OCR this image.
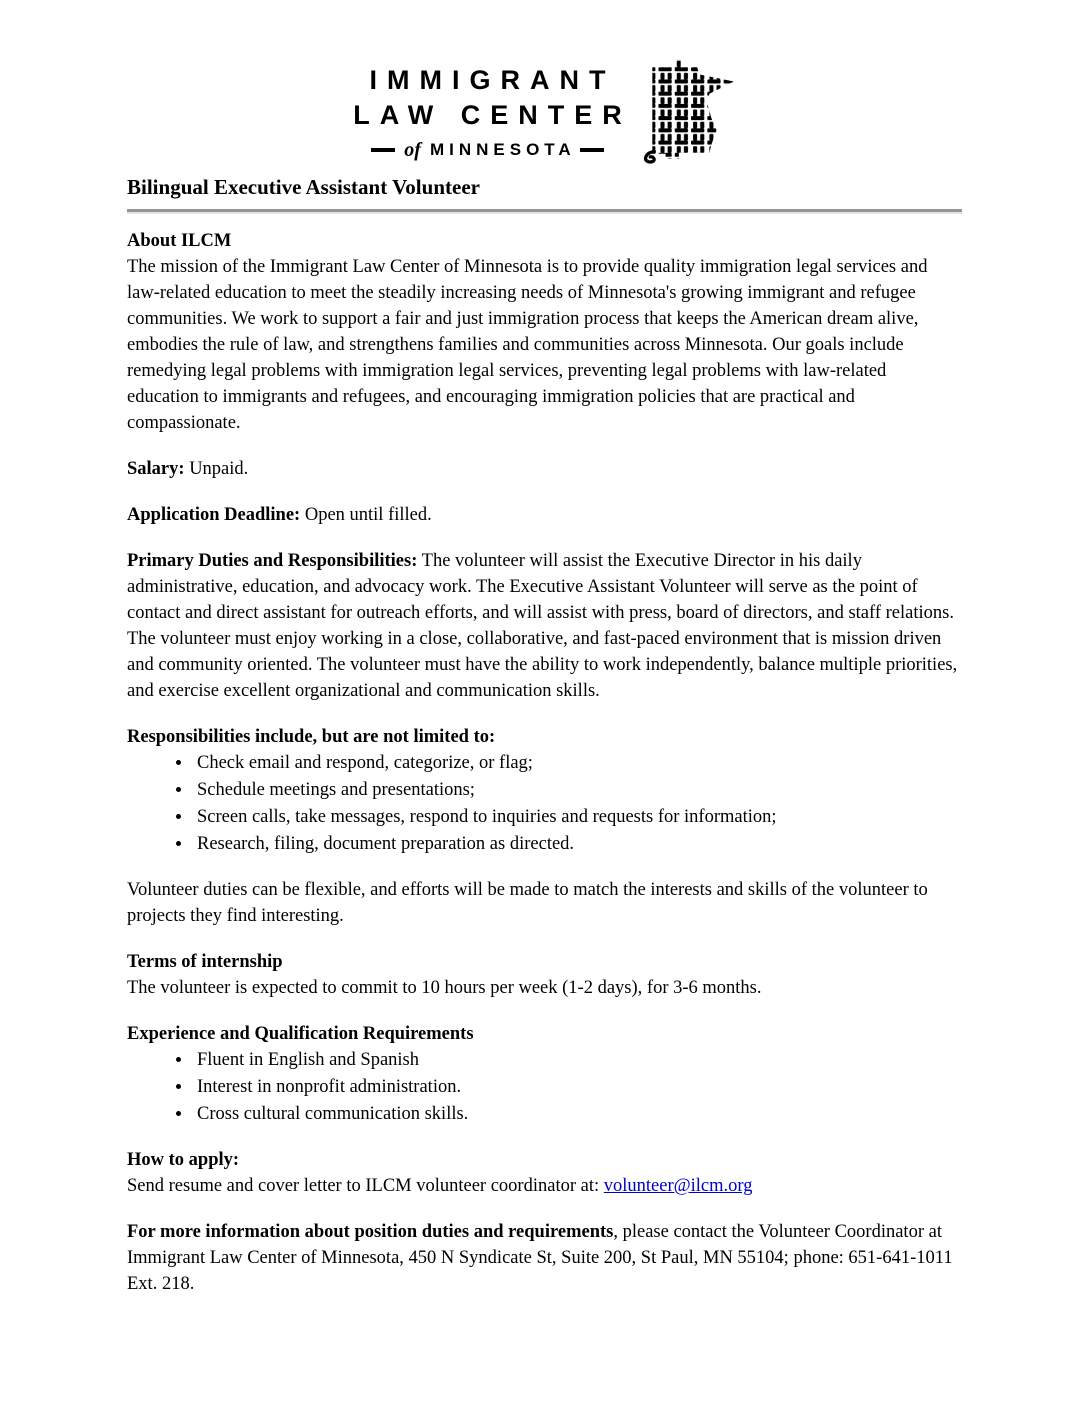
IMMIGRANT
LAW CENTER
of MINNESOTA
Bilingual Executive Assistant Volunteer
About ILCM

The mission of the Immigrant Law Center of Minnesota is to provide quality immigration legal services and law-related education to meet the steadily increasing needs of Minnesota's growing immigrant and refugee communities. We work to support a fair and just immigration process that keeps the American dream alive, embodies the rule of law, and strengthens families and communities across Minnesota. Our goals include remedying legal problems with immigration legal services, preventing legal problems with law-related education to immigrants and refugees, and encouraging immigration policies that are practical and compassionate.

Salary: Unpaid.

Application Deadline: Open until filled.

Primary Duties and Responsibilities: The volunteer will assist the Executive Director in his daily administrative, education, and advocacy work. The Executive Assistant Volunteer will serve as the point of contact and direct assistant for outreach efforts, and will assist with press, board of directors, and staff relations. The volunteer must enjoy working in a close, collaborative, and fast-paced environment that is mission driven and community oriented. The volunteer must have the ability to work independently, balance multiple priorities, and exercise excellent organizational and communication skills.

Responsibilities include, but are not limited to:
• Check email and respond, categorize, or flag;
• Schedule meetings and presentations;
• Screen calls, take messages, respond to inquiries and requests for information;
• Research, filing, document preparation as directed.

Volunteer duties can be flexible, and efforts will be made to match the interests and skills of the volunteer to projects they find interesting.

Terms of internship

The volunteer is expected to commit to 10 hours per week (1-2 days), for 3-6 months.

Experience and Qualification Requirements
• Fluent in English and Spanish
• Interest in nonprofit administration.
• Cross cultural communication skills.
How to apply:

Send resume and cover letter to ILCM volunteer coordinator at: volunteer@ilcm.org

For more information about position duties and requirements, please contact the Volunteer Coordinator at Immigrant Law Center of Minnesota, 450 N Syndicate St, Suite 200, St Paul, MN 55104; phone: 651-641-1011 Ext. 218.
